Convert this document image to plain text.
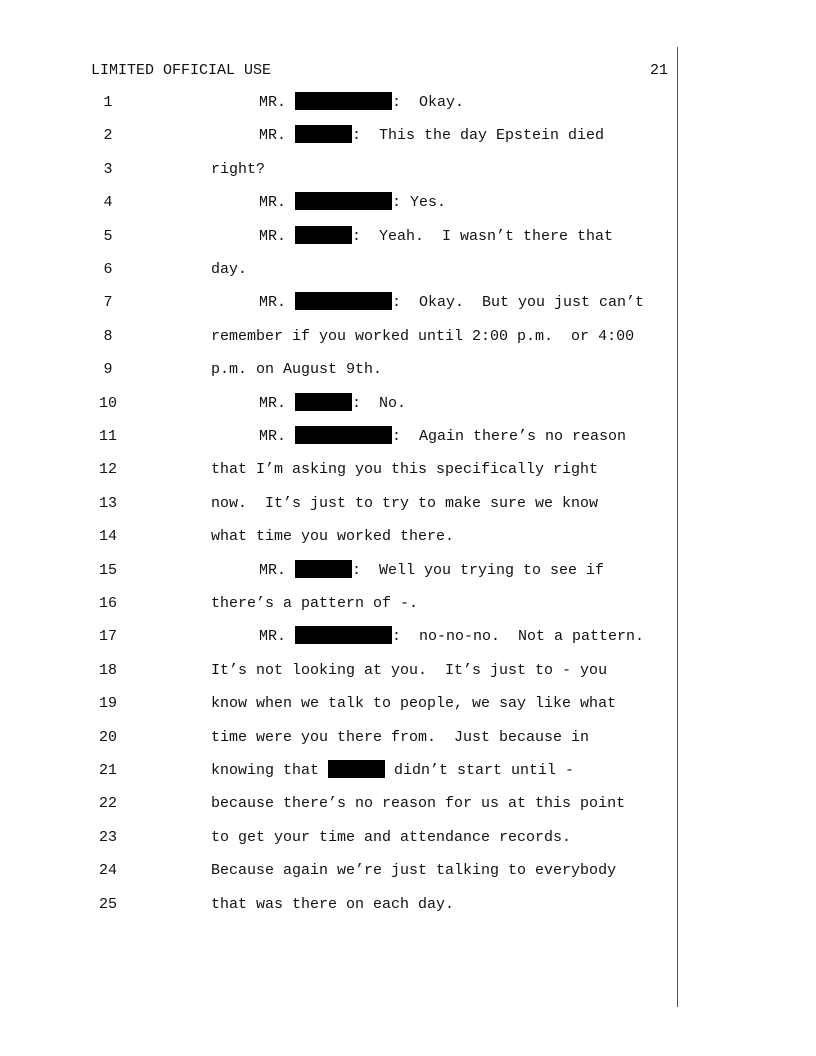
LIMITED OFFICIAL USE	21
1	MR.	:  Okay.
2	MR.	:  This the day Epstein died
3	right?
4	MR.	: Yes.
5	MR.	:  Yeah.  I wasn’t there that
6	day.
7	MR.	:  Okay.  But you just can’t
8	remember if you worked until 2:00 p.m.  or 4:00
9	p.m. on August 9th.
10	MR.	:  No.
11	MR.	:  Again there’s no reason
12	that I’m asking you this specifically right
13	now.  It’s just to try to make sure we know
14	what time you worked there.
15	MR.	:  Well you trying to see if
16	there’s a pattern of -.
17	MR.	:  no-no-no.  Not a pattern.
18	It’s not looking at you.  It’s just to - you
19	know when we talk to people, we say like what
20	time were you there from.  Just because in
21	knowing that	didn’t start until -
22	because there’s no reason for us at this point
23	to get your time and attendance records.
24	Because again we’re just talking to everybody
25	that was there on each day.
